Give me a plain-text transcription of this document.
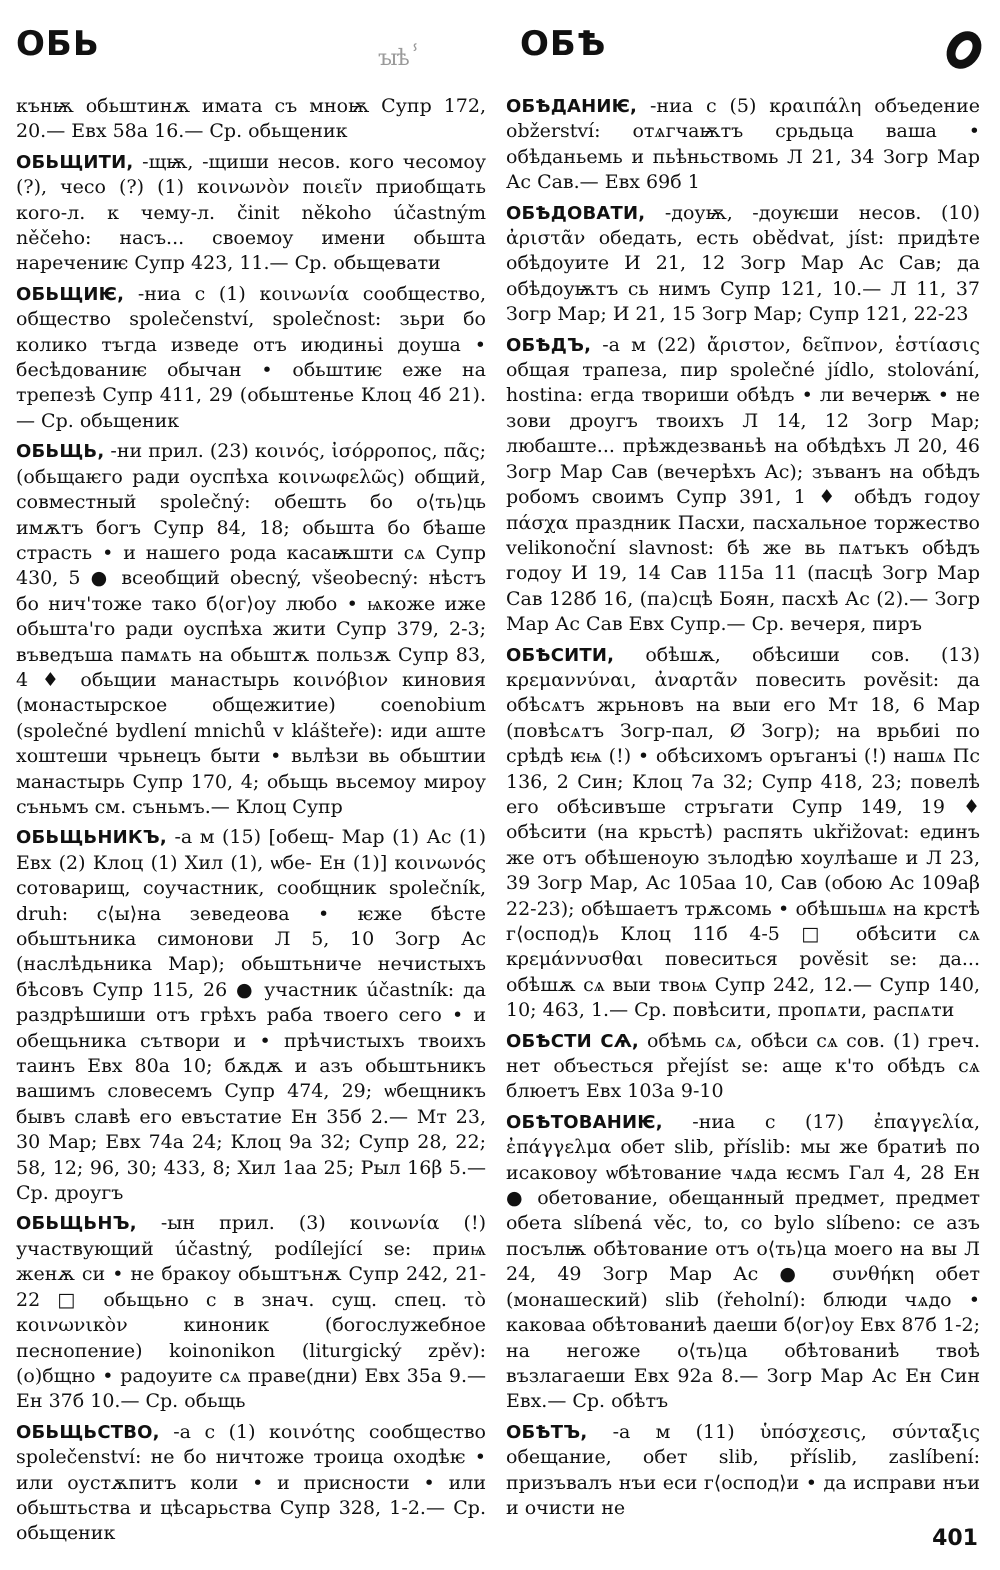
ОБЬ	ꙑѣⸯ	ОБѢ

кънѭ обьштинѫ имата съ мноѭ Супр 172, 20.— Евх 58а 16.— Ср. обьщеник

ОБЬЩИТИ, -щѭ, -щиши несов. кого чесомоу (?), чесо (?) (1) κοινωνὸν ποιεῖν приобщать кого-л. к чему-л. činit někoho účastným něčeho: насъ... своемоу имени обьшта наречениѥ Супр 423, 11.— Ср. обьщевати

ОБЬЩИѤ, -ниа с (1) κοινωνία сообщество, общество společenství, společnost: зьри бо колико тъгда изведе отъ июдиньі доуша • бесѣдованиѥ обычан • обьштиѥ еже на трепезѣ Супр 411, 29 (обьштенье Клоц 4б 21).— Ср. обьщеник

ОБЬЩЬ, -ни прил. (23) κοινός, ἰσόρροπος, πᾶς; (обьщаѥго ради оуспѣха κοινωφελῶς) общий, совместный společný: обешть бо о⟨ть⟩ць имѫтъ богъ Супр 84, 18; обьшта бо бѣаше страсть • и нашего рода касаѭшти сѧ Супр 430, 5 ● всеобщий obecný, všeobecný: нѣстъ бо нич'тоже тако б⟨ог⟩оу любо • ѩкоже иже обьшта'го ради оуспѣха жити Супр 379, 2-3; въведъша памѧть на обьштѫ пользѫ Супр 83, 4 ♦ обьщии манастырь κοινόβιον киновия (монастырское общежитие) coenobium (společné bydlení mnichů v klášteře): иди аште хоштеши чрьнецъ быти • вьлѣзи вь обьштии манастырь Супр 170, 4; обьщь вьсемоу мироу съньмъ см. съньмъ.— Клоц Супр

ОБЬЩЬНИКЪ, -а м (15) [обещ- Мар (1) Ас (1) Евх (2) Клоц (1) Хил (1), ѡбе- Ен (1)] κοινωνός сотоварищ, соучастник, сообщник společník, druh: с⟨ы⟩на зеведеова • ѥже бѣсте обьштьника симонови Л 5, 10 Зогр Ас (наслѣдьника Мар); обьштьниче нечистыхъ бѣсовъ Супр 115, 26 ● участник účastník: да раздрѣшиши отъ грѣхъ раба твоего сего • и обещьника сътвори и • прѣчистыхъ твоихъ таинъ Евх 80а 10; бѫдѫ и азъ обьштьникъ вашимъ словесемъ Супр 474, 29; ѡбещникъ бывъ славѣ его евъстатие Ен 35б 2.— Мт 23, 30 Мар; Евх 74а 24; Клоц 9а 32; Супр 28, 22; 58, 12; 96, 30; 433, 8; Хил 1аа 25; Рыл 16β 5.— Ср. дроугъ

ОБЬЩЬНЪ, -ын прил. (3) κοινωνία (!) участвующий účastný, podílející se: приѩ женѫ си • не бракоу обьштънѫ Супр 242, 21-22 □ обьщьно с в знач. сущ. спец. τὸ κοινωνικὸν киноник (богослужебное песнопение) koinonikon (liturgický zpěv): (о)бщно • радоуите сѧ праве(дни) Евх 35а 9.— Ен 37б 10.— Ср. обьщь

ОБЬЩЬСТВО, -а с (1) κοινότης сообщество společenství: не бо ничтоже троица оходѣѥ • или оустѫпитъ коли • и присности • или обьштьства и цѣсарьства Супр 328, 1-2.— Ср. обьщеник

ОБѢДАНИѤ, -ниа с (5) κραιπάλη объедение obžerství: отѧгчаѭтъ срьдьца ваша • обѣданьемь и пьѣньствомь Л 21, 34 Зогр Мар Ас Сав.— Евх 69б 1

ОБѢДОВАТИ, -доуѭ, -доуѥши несов. (10) ἀριστᾶν обедать, есть obědvat, jíst: придѣте обѣдоуите И 21, 12 Зогр Мар Ас Сав; да обѣдоуѭтъ сь нимъ Супр 121, 10.— Л 11, 37 Зогр Мар; И 21, 15 Зогр Мар; Супр 121, 22-23

ОБѢДЪ, -а м (22) ἄριστον, δεῖπνον, ἑστίασις общая трапеза, пир společné jídlo, stolování, hostina: егда твориши обѣдъ • ли вечерѭ • не зови дроугъ твоихъ Л 14, 12 Зогр Мар; любаште... прѣждезваньѣ на обѣдѣхъ Л 20, 46 Зогр Мар Сав (вечерѣхъ Ас); зъванъ на обѣдъ робомъ своимъ Супр 391, 1 ♦ обѣдъ годоу πάσχα праздник Пасхи, пасхальное торжество velikonoční slavnost: бѣ же вь пѧтъкъ обѣдъ годоу И 19, 14 Сав 115а 11 (пасцѣ Зогр Мар Сав 128б 16, (па)сцѣ Боян, пасхѣ Ас (2).— Зогр Мар Ас Сав Евх Супр.— Ср. вечеря, пиръ

ОБѢСИТИ, обѣшѫ, обѣсиши сов. (13) κρεμαννύναι, ἀναρτᾶν повесить pověsit: да обѣсѧтъ жрьновъ на выи его Мт 18, 6 Мар (повѣсѧтъ Зогр-пал, Ø Зогр); на врьбиі по срѣдѣ ѥѩ (!) • обѣсихомъ оръганъі (!) нашѧ Пс 136, 2 Син; Клоц 7а 32; Супр 418, 23; повелѣ его обѣсивъше стръгати Супр 149, 19 ♦ обѣсити (на крьстѣ) распять ukřižovat: единъ же отъ обѣшеноую зълодѣю хоулѣаше и Л 23, 39 Зогр Мар, Ас 105аа 10, Сав (обою Ас 109аβ 22-23); обѣшаетъ трѫсомь • обѣшьшѧ на крстѣ г⟨оспод⟩ь Клоц 11б 4-5 □ обѣсити сѧ κρεμάννυσθαι повеситься pověsit se: да... обѣшѫ сѧ выи твоѩ Супр 242, 12.— Супр 140, 10; 463, 1.— Ср. повѣсити, пропѧти, распѧти

ОБѢСТИ СѦ, обѣмь сѧ, обѣси сѧ сов. (1) греч. нет объесться přejíst se: аще к'то обѣдъ сѧ блюетъ Евх 103а 9-10

ОБѢТОВАНИѤ, -ниа с (17) ἐπαγγελία, ἐπάγγελμα обет slib, příslib: мы же братиѣ по исаковоу ѡбѣтование чѧда ѥсмъ Гал 4, 28 Ен ● обетование, обещанный предмет, предмет обета slíbená věc, to, co bylo slíbeno: се азъ посълѭ обѣтование отъ о⟨ть⟩ца моего на вы Л 24, 49 Зогр Мар Ас ● συνθήκη обет (монашеский) slib (řeholní): блюди чѧдо • каковаа обѣтованиѣ даеши б⟨ог⟩оу Евх 87б 1-2; на негоже о⟨ть⟩ца обѣтованиѣ твоѣ възлагаеши Евх 92а 8.— Зогр Мар Ас Ен Син Евх.— Ср. обѣтъ

ОБѢТЪ, -а м (11) ὑπόσχεσις, σύνταξις обещание, обет slib, příslib, zaslíbení: призъвалъ нъи еси г⟨оспод⟩и • да исправи нъи и очисти не

401
